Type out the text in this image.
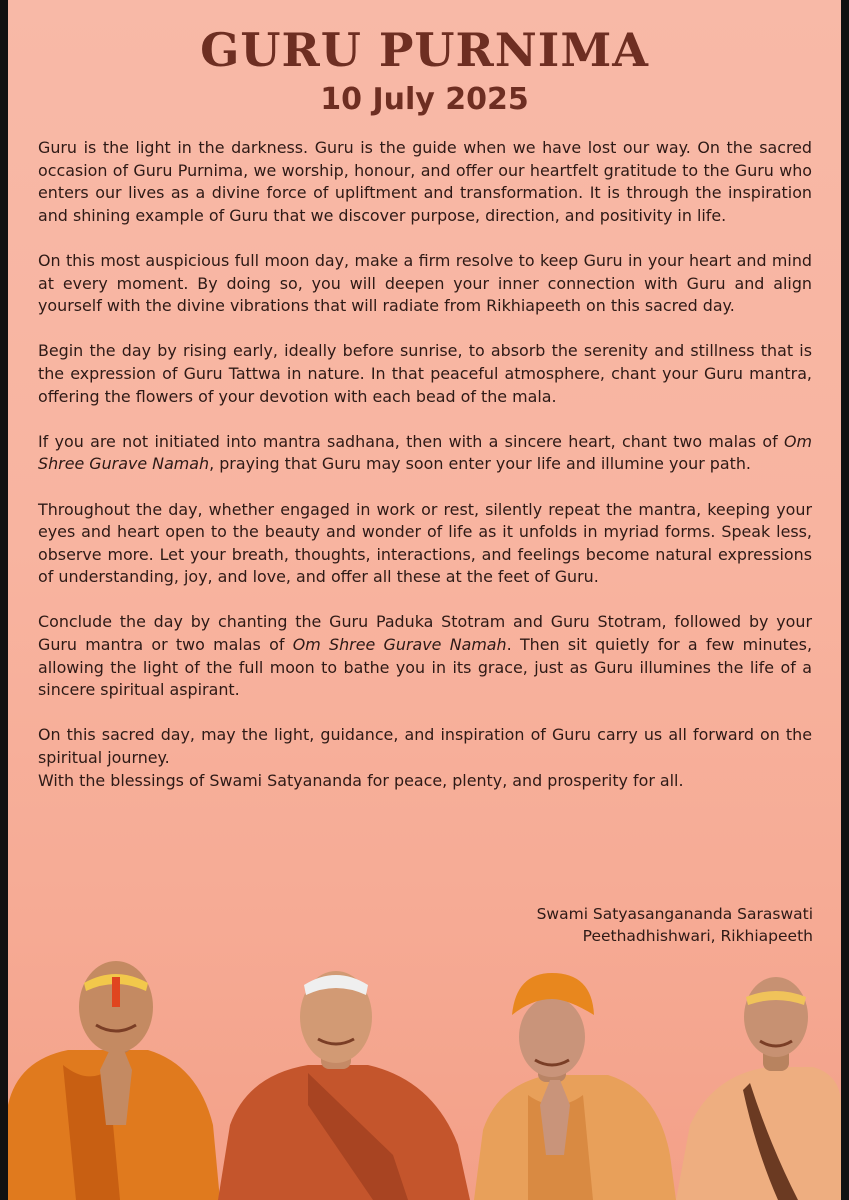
GURU PURNIMA
10 July 2025

Guru is the light in the darkness. Guru is the guide when we have lost our way. On the sacred occasion of Guru Purnima, we worship, honour, and offer our heartfelt gratitude to the Guru who enters our lives as a divine force of upliftment and transformation. It is through the inspiration and shining example of Guru that we discover purpose, direction, and positivity in life.

On this most auspicious full moon day, make a firm resolve to keep Guru in your heart and mind at every moment. By doing so, you will deepen your inner connection with Guru and align yourself with the divine vibrations that will radiate from Rikhiapeeth on this sacred day.

Begin the day by rising early, ideally before sunrise, to absorb the serenity and stillness that is the expression of Guru Tattwa in nature. In that peaceful atmosphere, chant your Guru mantra, offering the flowers of your devotion with each bead of the mala.

If you are not initiated into mantra sadhana, then with a sincere heart, chant two malas of Om Shree Gurave Namah, praying that Guru may soon enter your life and illumine your path.

Throughout the day, whether engaged in work or rest, silently repeat the mantra, keeping your eyes and heart open to the beauty and wonder of life as it unfolds in myriad forms. Speak less, observe more. Let your breath, thoughts, interactions, and feelings become natural expressions of understanding, joy, and love, and offer all these at the feet of Guru.

Conclude the day by chanting the Guru Paduka Stotram and Guru Stotram, followed by your Guru mantra or two malas of Om Shree Gurave Namah. Then sit quietly for a few minutes, allowing the light of the full moon to bathe you in its grace, just as Guru illumines the life of a sincere spiritual aspirant.

On this sacred day, may the light, guidance, and inspiration of Guru carry us all forward on the spiritual journey.

With the blessings of Swami Satyananda for peace, plenty, and prosperity for all.

Swami Satyasangananda Saraswati
Peethadhishwari, Rikhiapeeth
